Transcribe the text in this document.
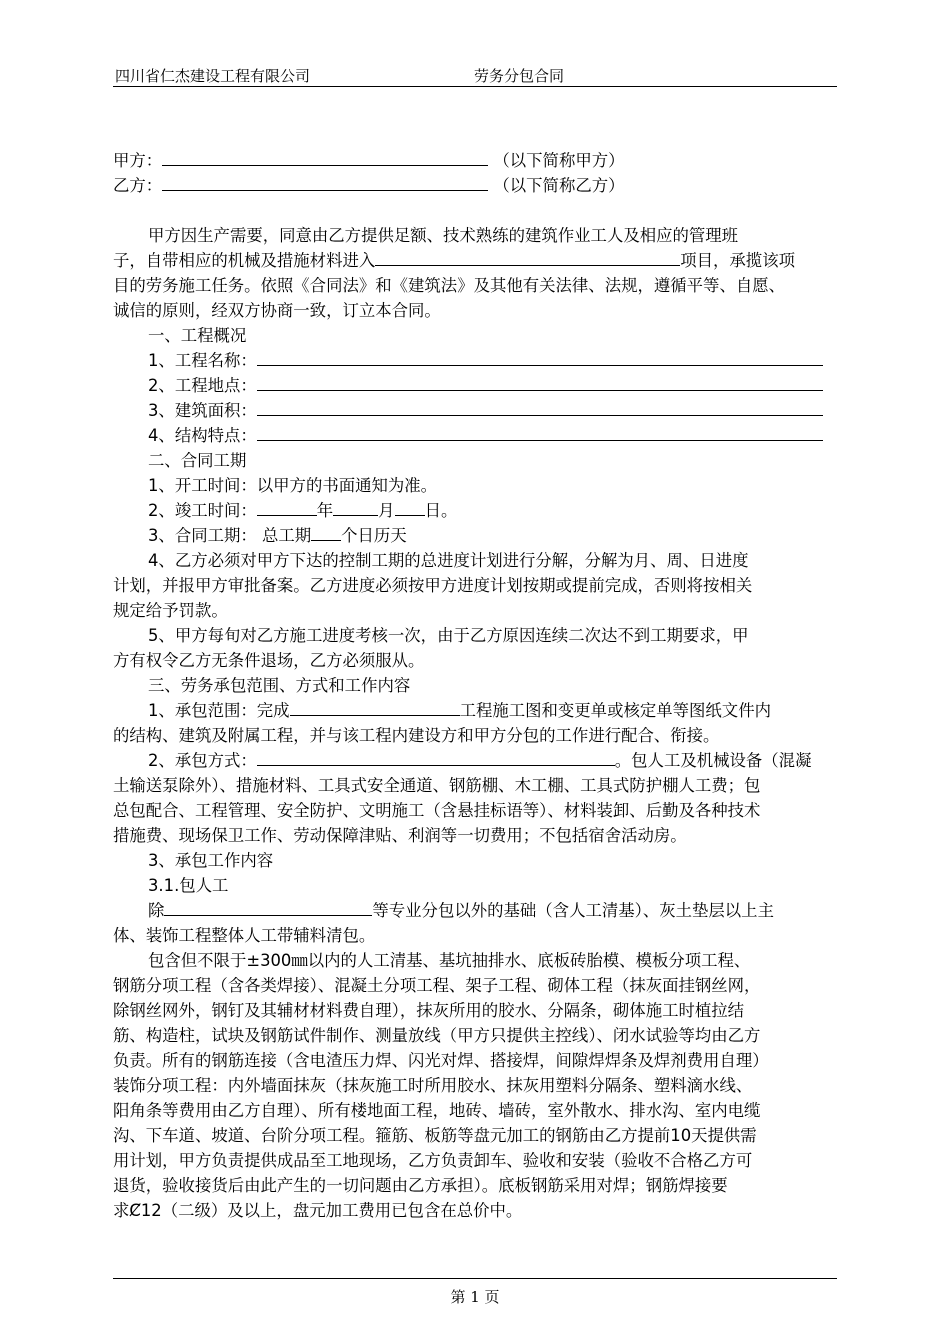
四川省仁杰建设工程有限公司	劳务分包合同
甲方：	（以下简称甲方）
乙方：	（以下简称乙方）
甲方因生产需要，同意由乙方提供足额、技术熟练的建筑作业工人及相应的管理班
子，自带相应的机械及措施材料进入	项目，承揽该项
目的劳务施工任务。依照《合同法》和《建筑法》及其他有关法律、法规，遵循平等、自愿、
诚信的原则，经双方协商一致，订立本合同。
一、工程概况
1、工程名称：
2、工程地点：
3、建筑面积：
4、结构特点：
二、合同工期
1、开工时间：以甲方的书面通知为准。
2、竣工时间：	年	月 日。
3、合同工期： 总工期 个日历天
4、乙方必须对甲方下达的控制工期的总进度计划进行分解，分解为月、周、日进度
计划，并报甲方审批备案。乙方进度必须按甲方进度计划按期或提前完成，否则将按相关
规定给予罚款。
5、甲方每旬对乙方施工进度考核一次，由于乙方原因连续二次达不到工期要求，甲
方有权令乙方无条件退场，乙方必须服从。
三、劳务承包范围、方式和工作内容
1、承包范围：完成	工程施工图和变更单或核定单等图纸文件内
的结构、建筑及附属工程，并与该工程内建设方和甲方分包的工作进行配合、衔接。
2、承包方式：	。包人工及机械设备（混凝
土输送泵除外）、措施材料、工具式安全通道、钢筋棚、木工棚、工具式防护棚人工费；包
总包配合、工程管理、安全防护、文明施工（含悬挂标语等）、材料装卸、后勤及各种技术
措施费、现场保卫工作、劳动保障津贴、利润等一切费用；不包括宿舍活动房。
3、承包工作内容
3.1.包人工
除	等专业分包以外的基础（含人工清基）、灰土垫层以上主
体、装饰工程整体人工带辅料清包。
包含但不限于±300㎜以内的人工清基、基坑抽排水、底板砖胎模、模板分项工程、
钢筋分项工程（含各类焊接）、混凝土分项工程、架子工程、砌体工程（抹灰面挂钢丝网，
除钢丝网外，钢钉及其辅材材料费自理），抹灰所用的胶水、分隔条，砌体施工时植拉结
筋、构造柱，试块及钢筋试件制作、测量放线（甲方只提供主控线）、闭水试验等均由乙方
负责。所有的钢筋连接（含电渣压力焊、闪光对焊、搭接焊，间隙焊焊条及焊剂费用自理）
装饰分项工程：内外墙面抹灰（抹灰施工时所用胶水、抹灰用塑料分隔条、塑料滴水线、
阳角条等费用由乙方自理）、所有楼地面工程，地砖、墙砖，室外散水、排水沟、室内电缆
沟、下车道、坡道、台阶分项工程。箍筋、板筋等盘元加工的钢筋由乙方提前10天提供需
用计划，甲方负责提供成品至工地现场，乙方负责卸车、验收和安装（验收不合格乙方可
退货，验收接货后由此产生的一切问题由乙方承担）。底板钢筋采用对焊；钢筋焊接要
求Ȼ12（二级）及以上，盘元加工费用已包含在总价中。
第 1 页
